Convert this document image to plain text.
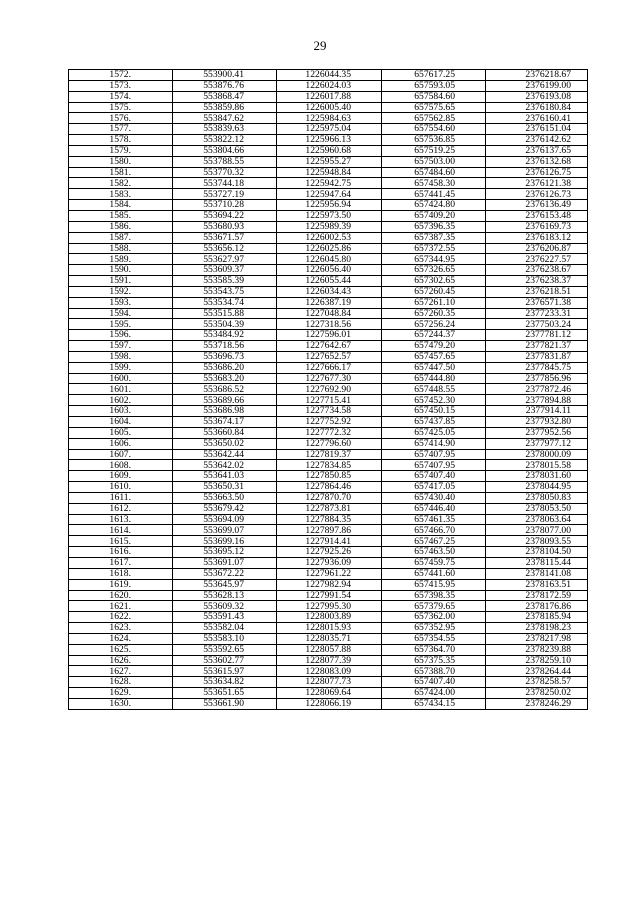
29
1572.	553900.41	1226044.35	657617.25	2376218.67
1573.	553876.76	1226024.03	657593.05	2376199.00
1574.	553868.47	1226017.88	657584.60	2376193.08
1575.	553859.86	1226005.40	657575.65	2376180.84
1576.	553847.62	1225984.63	657562.85	2376160.41
1577.	553839.63	1225975.04	657554.60	2376151.04
1578.	553822.12	1225966.13	657536.85	2376142.62
1579.	553804.66	1225960.68	657519.25	2376137.65
1580.	553788.55	1225955.27	657503.00	2376132.68
1581.	553770.32	1225948.84	657484.60	2376126.75
1582.	553744.18	1225942.75	657458.30	2376121.38
1583.	553727.19	1225947.64	657441.45	2376126.73
1584.	553710.28	1225956.94	657424.80	2376136.49
1585.	553694.22	1225973.50	657409.20	2376153.48
1586.	553680.93	1225989.39	657396.35	2376169.73
1587.	553671.57	1226002.53	657387.35	2376183.12
1588.	553656.12	1226025.86	657372.55	2376206.87
1589.	553627.97	1226045.80	657344.95	2376227.57
1590.	553609.37	1226056.40	657326.65	2376238.67
1591.	553585.39	1226055.44	657302.65	2376238.37
1592.	553543.75	1226034.43	657260.45	2376218.51
1593.	553534.74	1226387.19	657261.10	2376571.38
1594.	553515.88	1227048.84	657260.35	2377233.31
1595.	553504.39	1227318.56	657256.24	2377503.24
1596.	553484.92	1227596.01	657244.37	2377781.12
1597.	553718.56	1227642.67	657479.20	2377821.37
1598.	553696.73	1227652.57	657457.65	2377831.87
1599.	553686.20	1227666.17	657447.50	2377845.75
1600.	553683.20	1227677.30	657444.80	2377856.96
1601.	553686.52	1227692.90	657448.55	2377872.46
1602.	553689.66	1227715.41	657452.30	2377894.88
1603.	553686.98	1227734.58	657450.15	2377914.11
1604.	553674.17	1227752.92	657437.85	2377932.80
1605.	553660.84	1227772.32	657425.05	2377952.56
1606.	553650.02	1227796.60	657414.90	2377977.12
1607.	553642.44	1227819.37	657407.95	2378000.09
1608.	553642.02	1227834.85	657407.95	2378015.58
1609.	553641.03	1227850.85	657407.40	2378031.60
1610.	553650.31	1227864.46	657417.05	2378044.95
1611.	553663.50	1227870.70	657430.40	2378050.83
1612.	553679.42	1227873.81	657446.40	2378053.50
1613.	553694.09	1227884.35	657461.35	2378063.64
1614.	553699.07	1227897.86	657466.70	2378077.00
1615.	553699.16	1227914.41	657467.25	2378093.55
1616.	553695.12	1227925.26	657463.50	2378104.50
1617.	553691.07	1227936.09	657459.75	2378115.44
1618.	553672.22	1227961.22	657441.60	2378141.08
1619.	553645.97	1227982.94	657415.95	2378163.51
1620.	553628.13	1227991.54	657398.35	2378172.59
1621.	553609.32	1227995.30	657379.65	2378176.86
1622.	553591.43	1228003.89	657362.00	2378185.94
1623.	553582.04	1228015.93	657352.95	2378198.23
1624.	553583.10	1228035.71	657354.55	2378217.98
1625.	553592.65	1228057.88	657364.70	2378239.88
1626.	553602.77	1228077.39	657375.35	2378259.10
1627.	553615.97	1228083.09	657388.70	2378264.44
1628.	553634.82	1228077.73	657407.40	2378258.57
1629.	553651.65	1228069.64	657424.00	2378250.02
1630.	553661.90	1228066.19	657434.15	2378246.29
